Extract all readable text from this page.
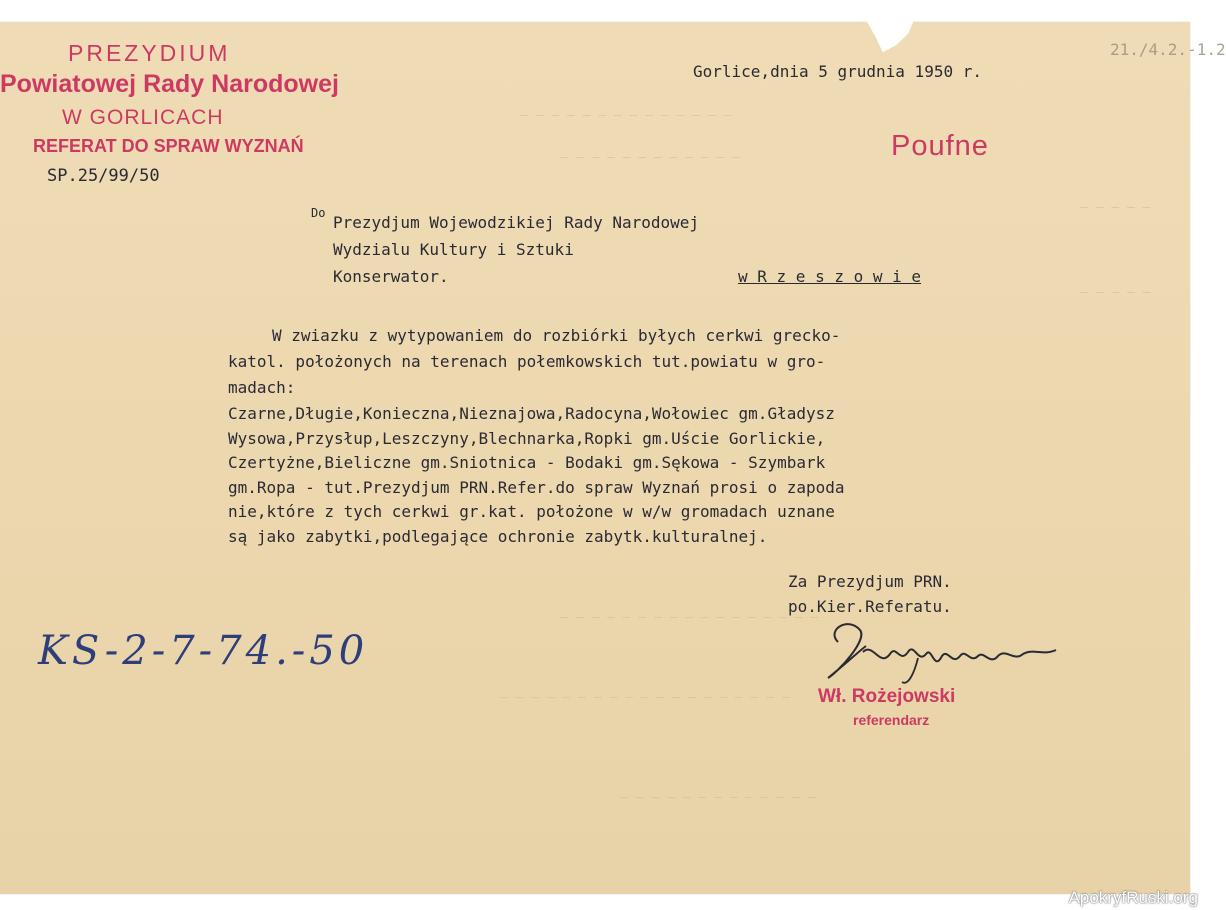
— — — — — — — — — — — — — —
— — — — — — — — — — — —
— — — — —
— — — — —
— — — — — — — — — — — — — — — — —
— — — — — — — — — — — — — — — — — — —
— — — — — — — — — — — — —
21./4.2.-1.2
PREZYDIUM
Powiatowej Rady Narodowej
W GORLICACH
REFERAT DO SPRAW WYZNAŃ
SP.25/99/50
Gorlice,dnia 5 grudnia 1950 r.
Poufne
Do Prezydjum Wojewodzikiej Rady Narodowej
Wydzialu Kultury i Sztuki
Konserwator.	w R z e s z o w i e
W zwiazku z wytypowaniem do rozbiórki byłych cerkwi grecko-
katol. położonych na terenach połemkowskich tut.powiatu w gro-
madach:
Czarne,Długie,Konieczna,Nieznajowa,Radocyna,Wołowiec gm.Gładysz
Wysowa,Przysłup,Leszczyny,Blechnarka,Ropki gm.Uście Gorlickie,
Czertyżne,Bieliczne gm.Sniotnica - Bodaki gm.Sękowa - Szymbark
gm.Ropa - tut.Prezydjum PRN.Refer.do spraw Wyznań prosi o zapoda
nie,które z tych cerkwi gr.kat. położone w w/w gromadach uznane
są jako zabytki,podlegające ochronie zabytk.kulturalnej.
Za Prezydjum PRN.
po.Kier.Referatu.
Wł. Rożejowski
referendarz
KS-2-7-74.-50
ApokryfRuski.org
